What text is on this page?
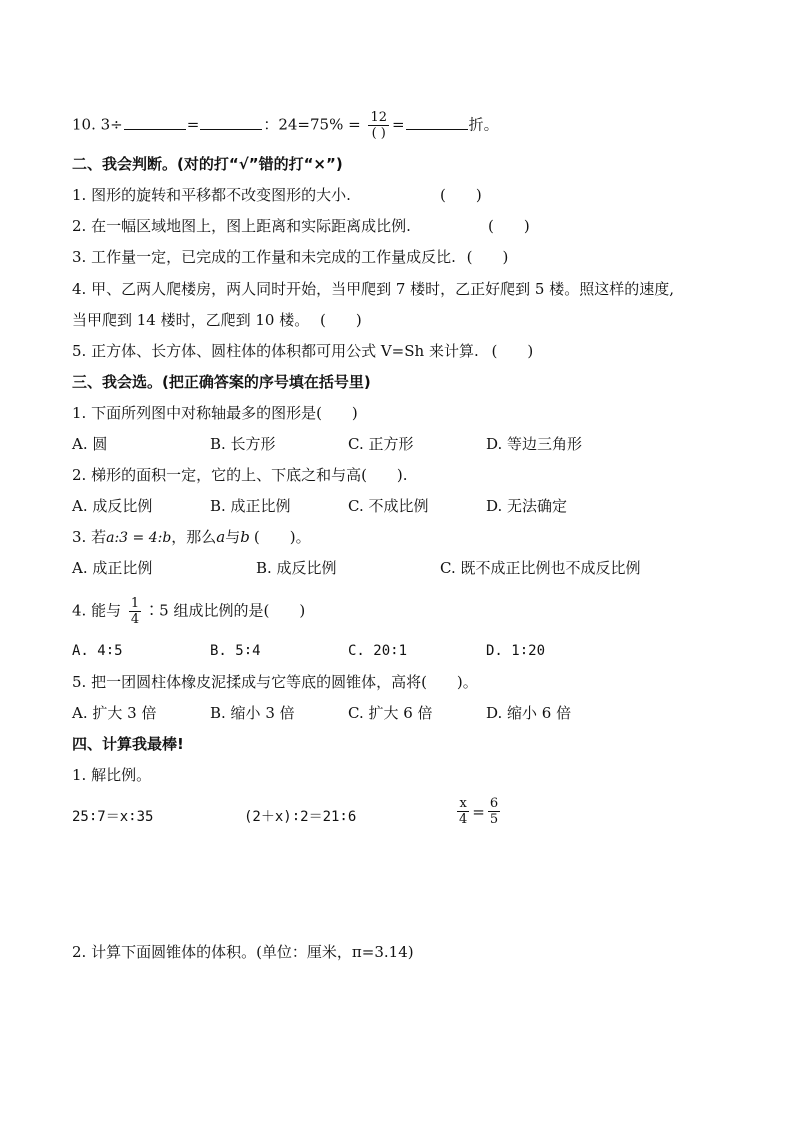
10. 3÷	=	：$24=75\% = \frac{12}{( )}$ =	折。
二、我会判断。(对的打“√”错的打“×”)
1. 图形的旋转和平移都不改变图形的大小.	(　　)
2. 在一幅区域地图上，图上距离和实际距离成比例.	(　　)
3. 工作量一定，已完成的工作量和未完成的工作量成反比. (　　)
4. 甲、乙两人爬楼房，两人同时开始，当甲爬到 7 楼时，乙正好爬到 5 楼。照这样的速度,
当甲爬到 14 楼时，乙爬到 10 楼。 (　　)
5. 正方体、长方体、圆柱体的体积都可用公式 V=Sh 来计算. (　　)
三、我会选。(把正确答案的序号填在括号里)
1. 下面所列图中对称轴最多的图形是(　　)
A. 圆	B. 长方形	C. 正方形	D. 等边三角形
2. 梯形的面积一定，它的上、下底之和与高(　　).
A. 成反比例	B. 成正比例	C. 不成比例	D. 无法确定
3. 若a:3 = 4:b，那么a与b (　　)。
A. 成正比例	B. 成反比例	C. 既不成正比例也不成反比例
4. 能与 $\frac{1}{4}$ ∶5 组成比例的是(　　)
A. 4∶5	B. 5∶4	C. 20∶1	D. 1∶20
5. 把一团圆柱体橡皮泥揉成与它等底的圆锥体，高将(　　)。
A. 扩大 3 倍	B. 缩小 3 倍	C. 扩大 6 倍	D. 缩小 6 倍
四、计算我最棒!
1. 解比例。
25∶7＝x∶35	(2＋x)∶2＝21∶6	$\frac{x}{4} = \frac{6}{5}$
2. 计算下面圆锥体的体积。(单位：厘米，π=3.14)
